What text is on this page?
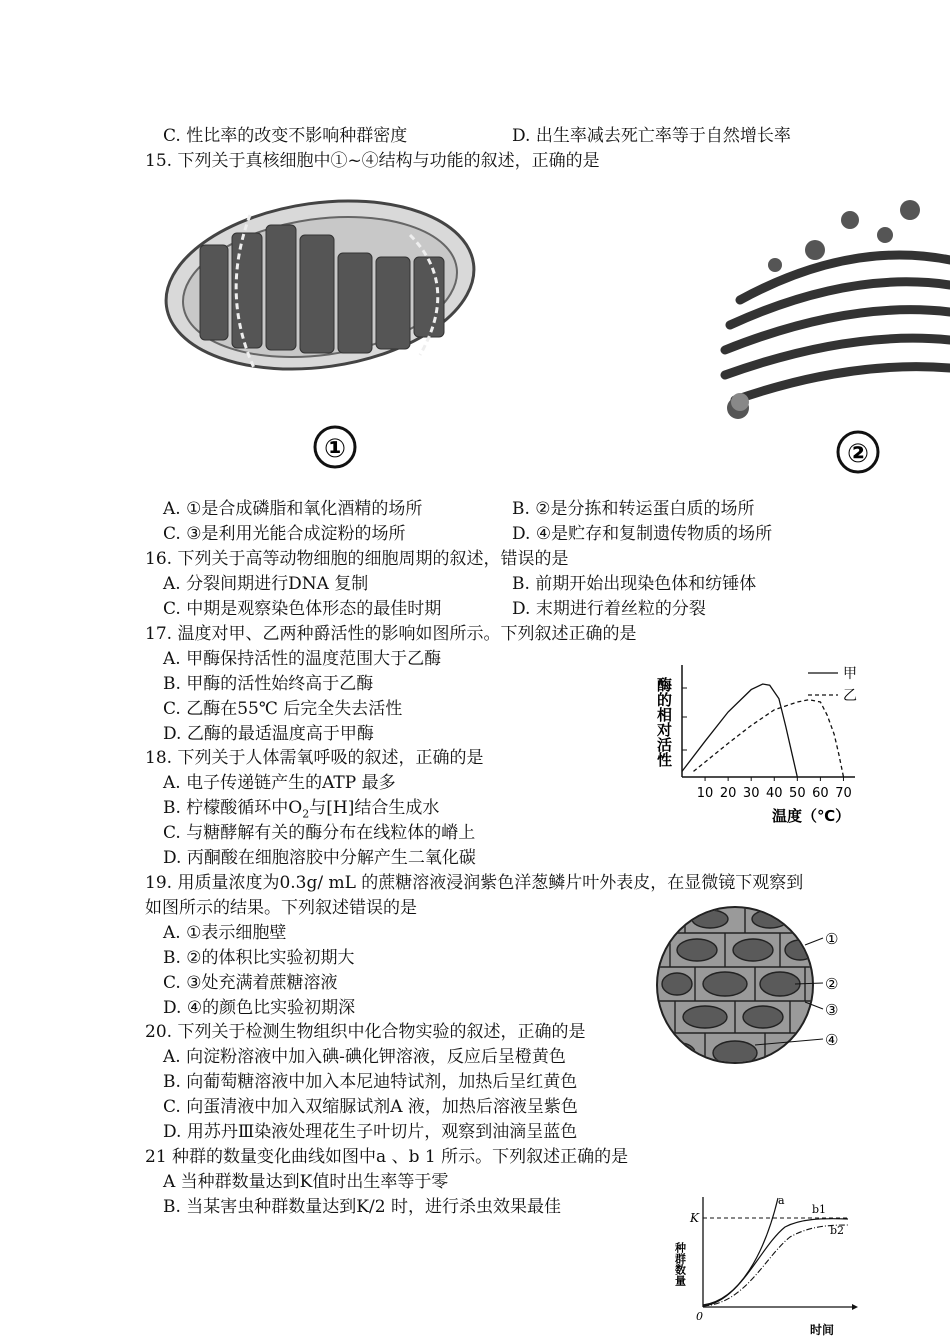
C. 性比率的改变不影响种群密度	D. 出生率减去死亡率等于自然增长率
15. 下列关于真核细胞中①~④结构与功能的叙述，正确的是
①	②
A. ①是合成磷脂和氧化酒精的场所	B. ②是分拣和转运蛋白质的场所
C. ③是利用光能合成淀粉的场所	D. ④是贮存和复制遗传物质的场所
16. 下列关于高等动物细胞的细胞周期的叙述，错误的是
A. 分裂间期进行DNA 复制	B. 前期开始出现染色体和纺锤体
C. 中期是观察染色体形态的最佳时期	D. 末期进行着丝粒的分裂
17. 温度对甲、乙两种爵活性的影响如图所示。下列叙述正确的是
A. 甲酶保持活性的温度范围大于乙酶
B. 甲酶的活性始终高于乙酶
C. 乙酶在55℃ 后完全失去活性
D. 乙酶的最适温度高于甲酶	酶的相对活性
10 20 30 40 50 60 70
甲
乙
温度（℃）
18. 下列关于人体需氧呼吸的叙述，正确的是
A. 电子传递链产生的ATP 最多
B. 柠檬酸循环中$O_2$与[H]结合生成水
C. 与糖酵解有关的酶分布在线粒体的嵴上
D. 丙酮酸在细胞溶胶中分解产生二氧化碳
19. 用质量浓度为0.3g/ mL 的蔗糖溶液浸润紫色洋葱鳞片叶外表皮，在显微镜下观察到
如图所示的结果。下列叙述错误的是
A. ①表示细胞壁
B. ②的体积比实验初期大
C. ③处充满着蔗糖溶液
D. ④的颜色比实验初期深
①
②
③
④
20. 下列关于检测生物组织中化合物实验的叙述，正确的是
A. 向淀粉溶液中加入碘-碘化钾溶液，反应后呈橙黄色
B. 向葡萄糖溶液中加入本尼迪特试剂，加热后呈红黄色
C. 向蛋清液中加入双缩脲试剂A 液，加热后溶液呈紫色
D. 用苏丹Ⅲ染液处理花生子叶切片，观察到油滴呈蓝色
21 种群的数量变化曲线如图中a 、b 1 所示。下列叙述正确的是
A 当种群数量达到K值时出生率等于零
B. 当某害虫种群数量达到K/2 时，进行杀虫效果最佳
种群数量
K
0
a
b1
b2
时间
